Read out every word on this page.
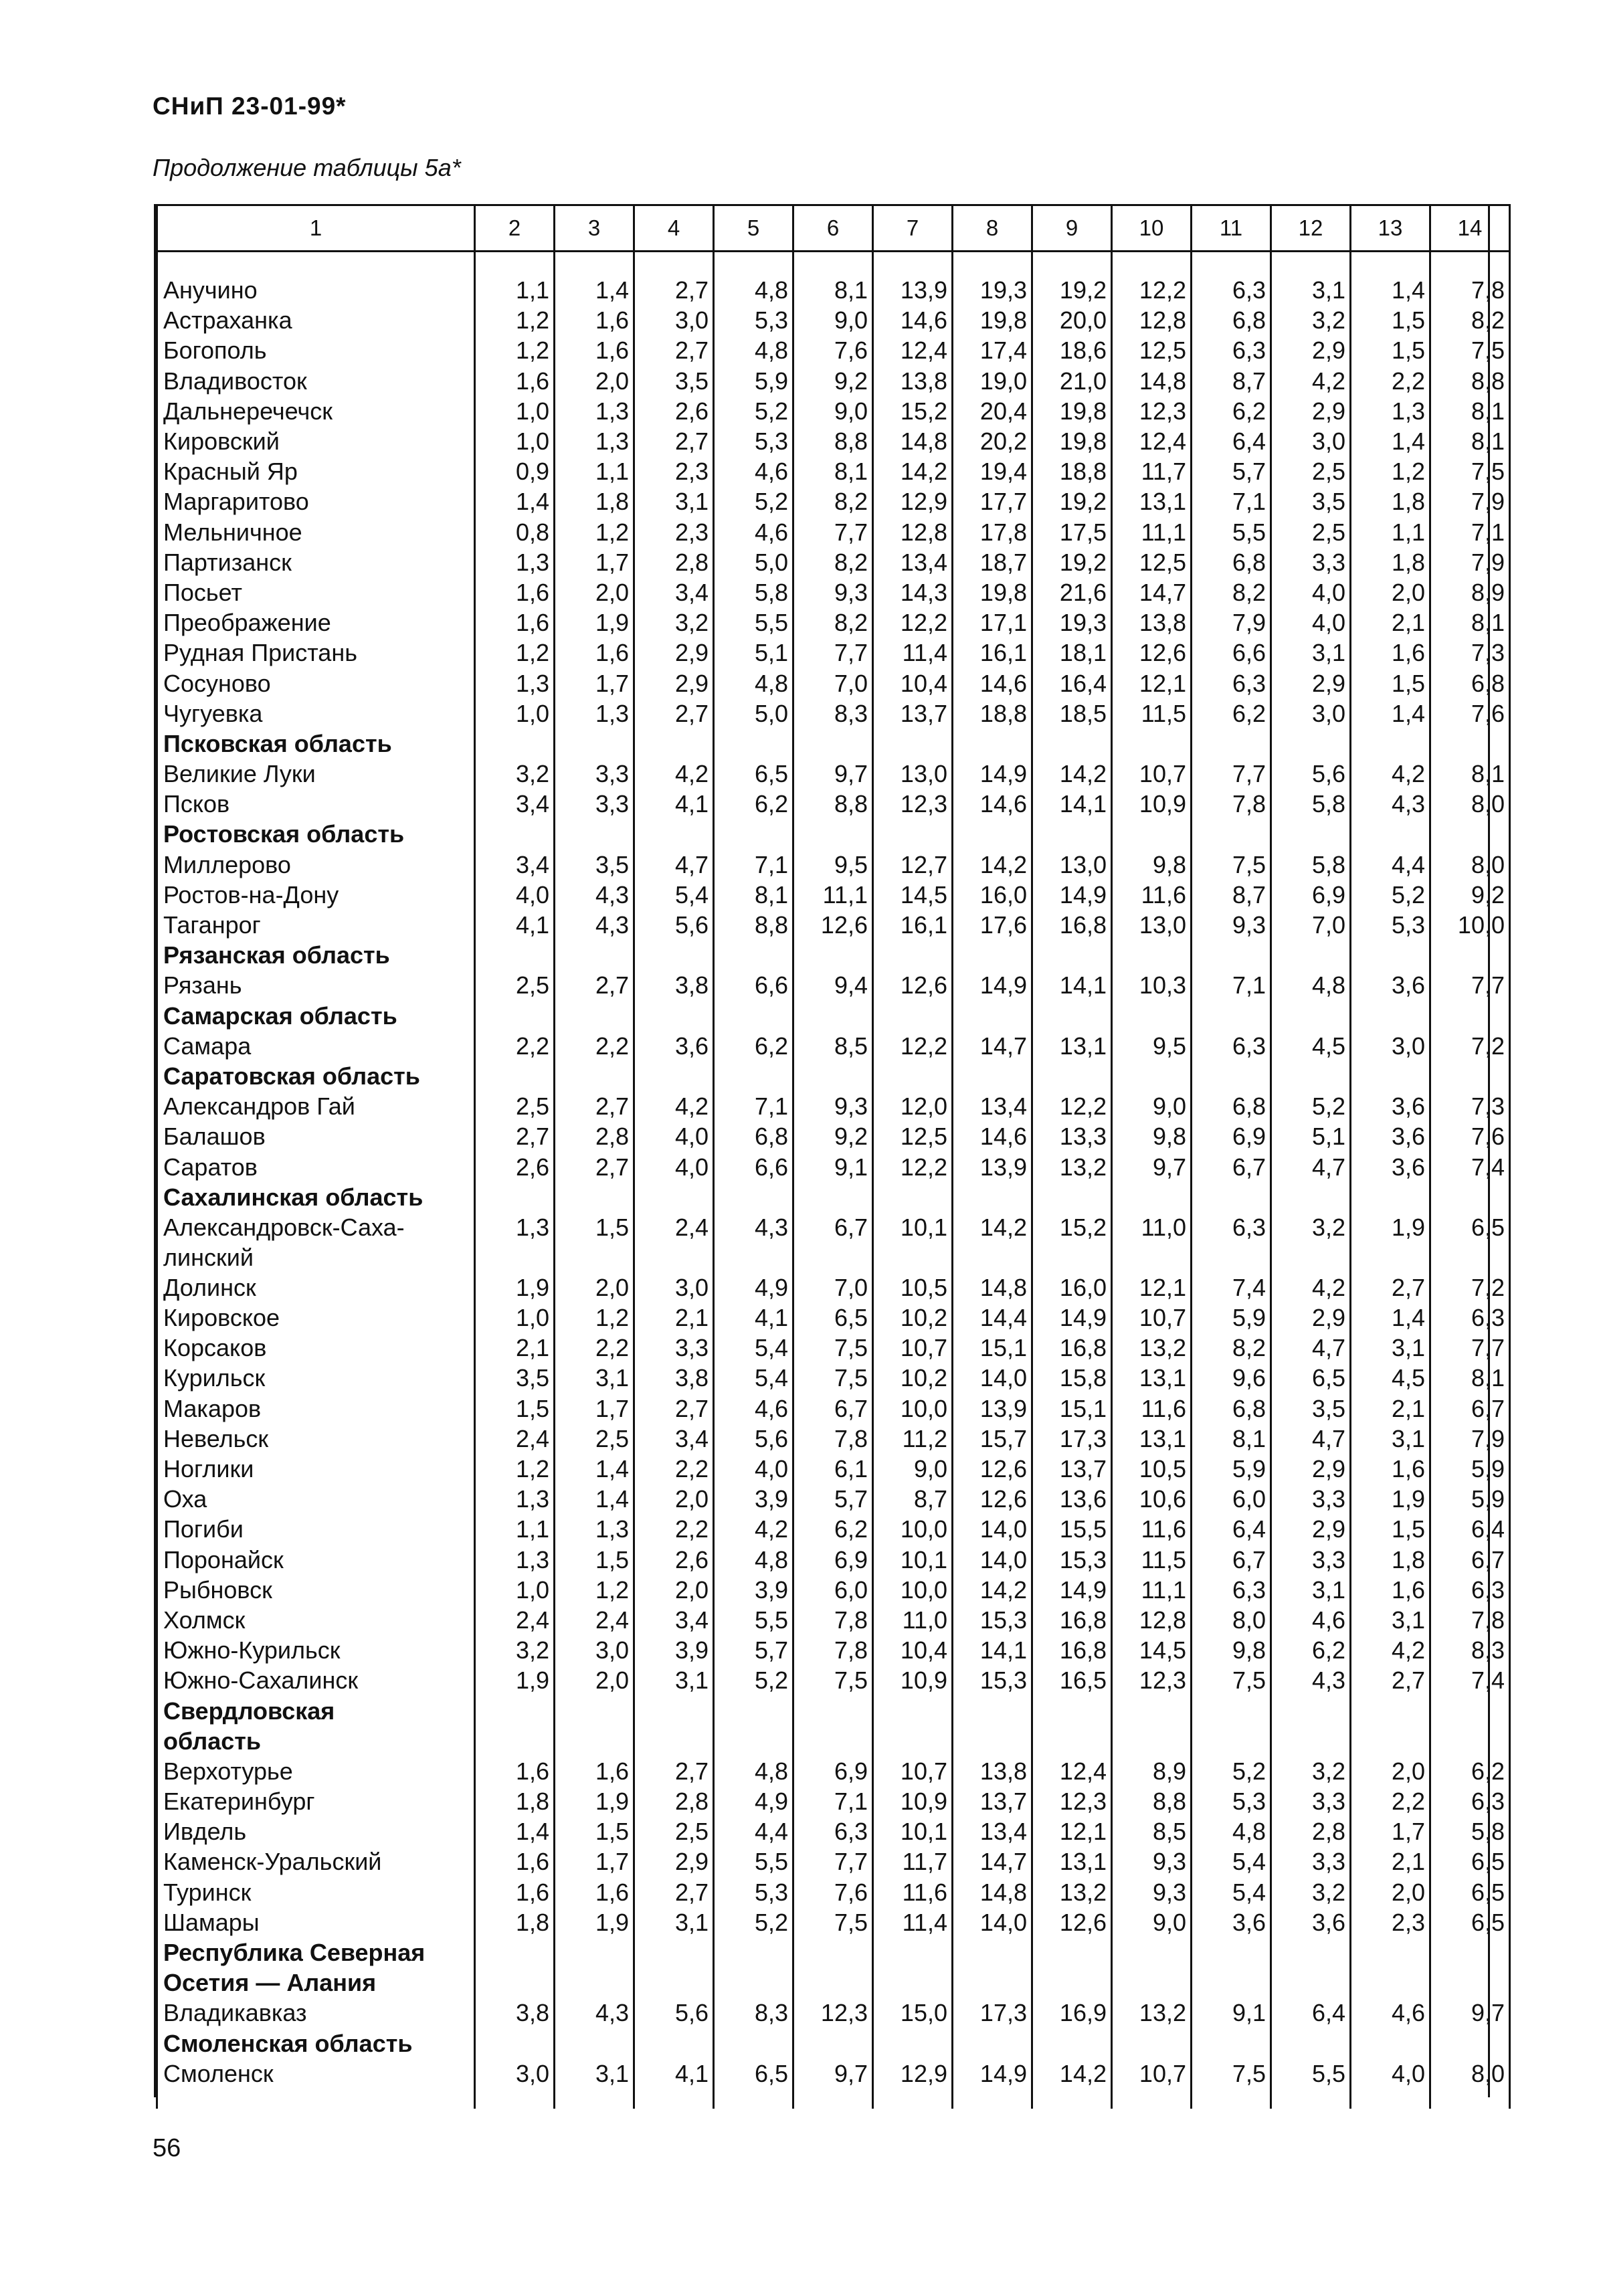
СНиП 23-01-99*
Продолжение таблицы 5а*
1	2	3	4	5	6	7	8	9	10	11	12	13	14

Анучино	1,1	1,4	2,7	4,8	8,1	13,9	19,3	19,2	12,2	6,3	3,1	1,4	7,8
Астраханка	1,2	1,6	3,0	5,3	9,0	14,6	19,8	20,0	12,8	6,8	3,2	1,5	8,2
Богополь	1,2	1,6	2,7	4,8	7,6	12,4	17,4	18,6	12,5	6,3	2,9	1,5	7,5
Владивосток	1,6	2,0	3,5	5,9	9,2	13,8	19,0	21,0	14,8	8,7	4,2	2,2	8,8
Дальнеречечск	1,0	1,3	2,6	5,2	9,0	15,2	20,4	19,8	12,3	6,2	2,9	1,3	8,1
Кировский	1,0	1,3	2,7	5,3	8,8	14,8	20,2	19,8	12,4	6,4	3,0	1,4	8,1
Красный Яр	0,9	1,1	2,3	4,6	8,1	14,2	19,4	18,8	11,7	5,7	2,5	1,2	7,5
Маргаритово	1,4	1,8	3,1	5,2	8,2	12,9	17,7	19,2	13,1	7,1	3,5	1,8	7,9
Мельничное	0,8	1,2	2,3	4,6	7,7	12,8	17,8	17,5	11,1	5,5	2,5	1,1	7,1
Партизанск	1,3	1,7	2,8	5,0	8,2	13,4	18,7	19,2	12,5	6,8	3,3	1,8	7,9
Посьет	1,6	2,0	3,4	5,8	9,3	14,3	19,8	21,6	14,7	8,2	4,0	2,0	8,9
Преображение	1,6	1,9	3,2	5,5	8,2	12,2	17,1	19,3	13,8	7,9	4,0	2,1	8,1
Рудная Пристань	1,2	1,6	2,9	5,1	7,7	11,4	16,1	18,1	12,6	6,6	3,1	1,6	7,3
Сосуново	1,3	1,7	2,9	4,8	7,0	10,4	14,6	16,4	12,1	6,3	2,9	1,5	6,8
Чугуевка	1,0	1,3	2,7	5,0	8,3	13,7	18,8	18,5	11,5	6,2	3,0	1,4	7,6
Псковская область													
Великие Луки	3,2	3,3	4,2	6,5	9,7	13,0	14,9	14,2	10,7	7,7	5,6	4,2	8,1
Псков	3,4	3,3	4,1	6,2	8,8	12,3	14,6	14,1	10,9	7,8	5,8	4,3	8,0
Ростовская область													
Миллерово	3,4	3,5	4,7	7,1	9,5	12,7	14,2	13,0	9,8	7,5	5,8	4,4	8,0
Ростов-на-Дону	4,0	4,3	5,4	8,1	11,1	14,5	16,0	14,9	11,6	8,7	6,9	5,2	9,2
Таганрог	4,1	4,3	5,6	8,8	12,6	16,1	17,6	16,8	13,0	9,3	7,0	5,3	10,0
Рязанская область													
Рязань	2,5	2,7	3,8	6,6	9,4	12,6	14,9	14,1	10,3	7,1	4,8	3,6	7,7
Самарская область													
Самара	2,2	2,2	3,6	6,2	8,5	12,2	14,7	13,1	9,5	6,3	4,5	3,0	7,2
Саратовская область													
Александров Гай	2,5	2,7	4,2	7,1	9,3	12,0	13,4	12,2	9,0	6,8	5,2	3,6	7,3
Балашов	2,7	2,8	4,0	6,8	9,2	12,5	14,6	13,3	9,8	6,9	5,1	3,6	7,6
Саратов	2,6	2,7	4,0	6,6	9,1	12,2	13,9	13,2	9,7	6,7	4,7	3,6	7,4
Сахалинская область													

Александровск-Саха-
линский	1,3	1,5	2,4	4,3	6,7	10,1	14,2	15,2	11,0	6,3	3,2	1,9	6,5
Долинск	1,9	2,0	3,0	4,9	7,0	10,5	14,8	16,0	12,1	7,4	4,2	2,7	7,2
Кировское	1,0	1,2	2,1	4,1	6,5	10,2	14,4	14,9	10,7	5,9	2,9	1,4	6,3
Корсаков	2,1	2,2	3,3	5,4	7,5	10,7	15,1	16,8	13,2	8,2	4,7	3,1	7,7
Курильск	3,5	3,1	3,8	5,4	7,5	10,2	14,0	15,8	13,1	9,6	6,5	4,5	8,1
Макаров	1,5	1,7	2,7	4,6	6,7	10,0	13,9	15,1	11,6	6,8	3,5	2,1	6,7
Невельск	2,4	2,5	3,4	5,6	7,8	11,2	15,7	17,3	13,1	8,1	4,7	3,1	7,9
Ноглики	1,2	1,4	2,2	4,0	6,1	9,0	12,6	13,7	10,5	5,9	2,9	1,6	5,9
Оха	1,3	1,4	2,0	3,9	5,7	8,7	12,6	13,6	10,6	6,0	3,3	1,9	5,9
Погиби	1,1	1,3	2,2	4,2	6,2	10,0	14,0	15,5	11,6	6,4	2,9	1,5	6,4
Поронайск	1,3	1,5	2,6	4,8	6,9	10,1	14,0	15,3	11,5	6,7	3,3	1,8	6,7
Рыбновск	1,0	1,2	2,0	3,9	6,0	10,0	14,2	14,9	11,1	6,3	3,1	1,6	6,3
Холмск	2,4	2,4	3,4	5,5	7,8	11,0	15,3	16,8	12,8	8,0	4,6	3,1	7,8
Южно-Курильск	3,2	3,0	3,9	5,7	7,8	10,4	14,1	16,8	14,5	9,8	6,2	4,2	8,3
Южно-Сахалинск	1,9	2,0	3,1	5,2	7,5	10,9	15,3	16,5	12,3	7,5	4,3	2,7	7,4
Свердловская													
область													
Верхотурье	1,6	1,6	2,7	4,8	6,9	10,7	13,8	12,4	8,9	5,2	3,2	2,0	6,2
Екатеринбург	1,8	1,9	2,8	4,9	7,1	10,9	13,7	12,3	8,8	5,3	3,3	2,2	6,3
Ивдель	1,4	1,5	2,5	4,4	6,3	10,1	13,4	12,1	8,5	4,8	2,8	1,7	5,8
Каменск-Уральский	1,6	1,7	2,9	5,5	7,7	11,7	14,7	13,1	9,3	5,4	3,3	2,1	6,5
Туринск	1,6	1,6	2,7	5,3	7,6	11,6	14,8	13,2	9,3	5,4	3,2	2,0	6,5
Шамары	1,8	1,9	3,1	5,2	7,5	11,4	14,0	12,6	9,0	3,6	3,6	2,3	6,5
Республика Северная													
Осетия — Алания													
Владикавказ	3,8	4,3	5,6	8,3	12,3	15,0	17,3	16,9	13,2	9,1	6,4	4,6	9,7
Смоленская область													
Смоленск	3,0	3,1	4,1	6,5	9,7	12,9	14,9	14,2	10,7	7,5	5,5	4,0	8,0

56
